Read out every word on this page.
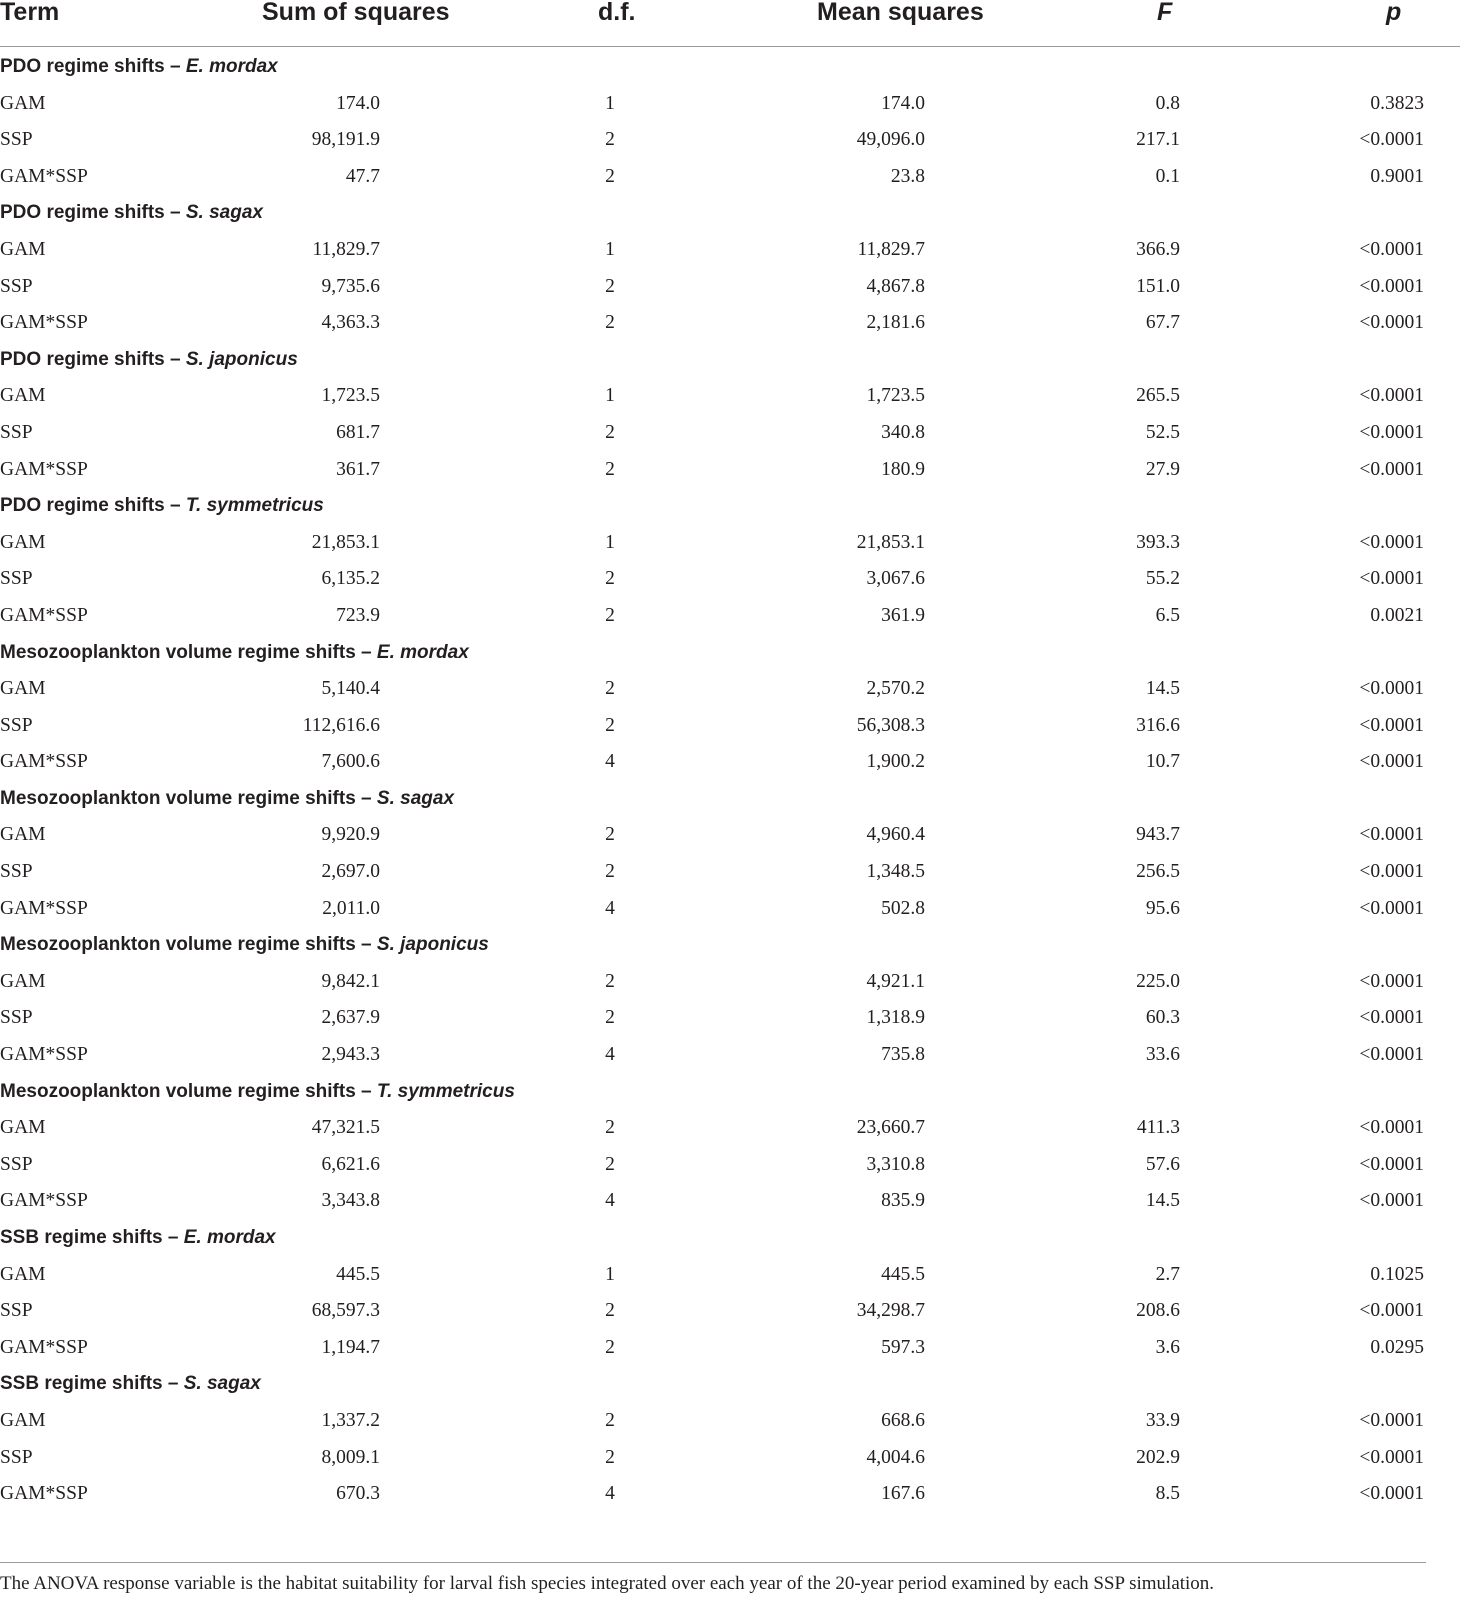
Term	Sum of squares	d.f.	Mean squares	F	p
PDO regime shifts – E. mordax
GAM	174.0	1	174.0	0.8	0.3823
SSP	98,191.9	2	49,096.0	217.1	<0.0001
GAM*SSP	47.7	2	23.8	0.1	0.9001
PDO regime shifts – S. sagax
GAM	11,829.7	1	11,829.7	366.9	<0.0001
SSP	9,735.6	2	4,867.8	151.0	<0.0001
GAM*SSP	4,363.3	2	2,181.6	67.7	<0.0001
PDO regime shifts – S. japonicus
GAM	1,723.5	1	1,723.5	265.5	<0.0001
SSP	681.7	2	340.8	52.5	<0.0001
GAM*SSP	361.7	2	180.9	27.9	<0.0001
PDO regime shifts – T. symmetricus
GAM	21,853.1	1	21,853.1	393.3	<0.0001
SSP	6,135.2	2	3,067.6	55.2	<0.0001
GAM*SSP	723.9	2	361.9	6.5	0.0021
Mesozooplankton volume regime shifts – E. mordax
GAM	5,140.4	2	2,570.2	14.5	<0.0001
SSP	112,616.6	2	56,308.3	316.6	<0.0001
GAM*SSP	7,600.6	4	1,900.2	10.7	<0.0001
Mesozooplankton volume regime shifts – S. sagax
GAM	9,920.9	2	4,960.4	943.7	<0.0001
SSP	2,697.0	2	1,348.5	256.5	<0.0001
GAM*SSP	2,011.0	4	502.8	95.6	<0.0001
Mesozooplankton volume regime shifts – S. japonicus
GAM	9,842.1	2	4,921.1	225.0	<0.0001
SSP	2,637.9	2	1,318.9	60.3	<0.0001
GAM*SSP	2,943.3	4	735.8	33.6	<0.0001
Mesozooplankton volume regime shifts – T. symmetricus
GAM	47,321.5	2	23,660.7	411.3	<0.0001
SSP	6,621.6	2	3,310.8	57.6	<0.0001
GAM*SSP	3,343.8	4	835.9	14.5	<0.0001
SSB regime shifts – E. mordax
GAM	445.5	1	445.5	2.7	0.1025
SSP	68,597.3	2	34,298.7	208.6	<0.0001
GAM*SSP	1,194.7	2	597.3	3.6	0.0295
SSB regime shifts – S. sagax
GAM	1,337.2	2	668.6	33.9	<0.0001
SSP	8,009.1	2	4,004.6	202.9	<0.0001
GAM*SSP	670.3	4	167.6	8.5	<0.0001
The ANOVA response variable is the habitat suitability for larval fish species integrated over each year of the 20-year period examined by each SSP simulation.
